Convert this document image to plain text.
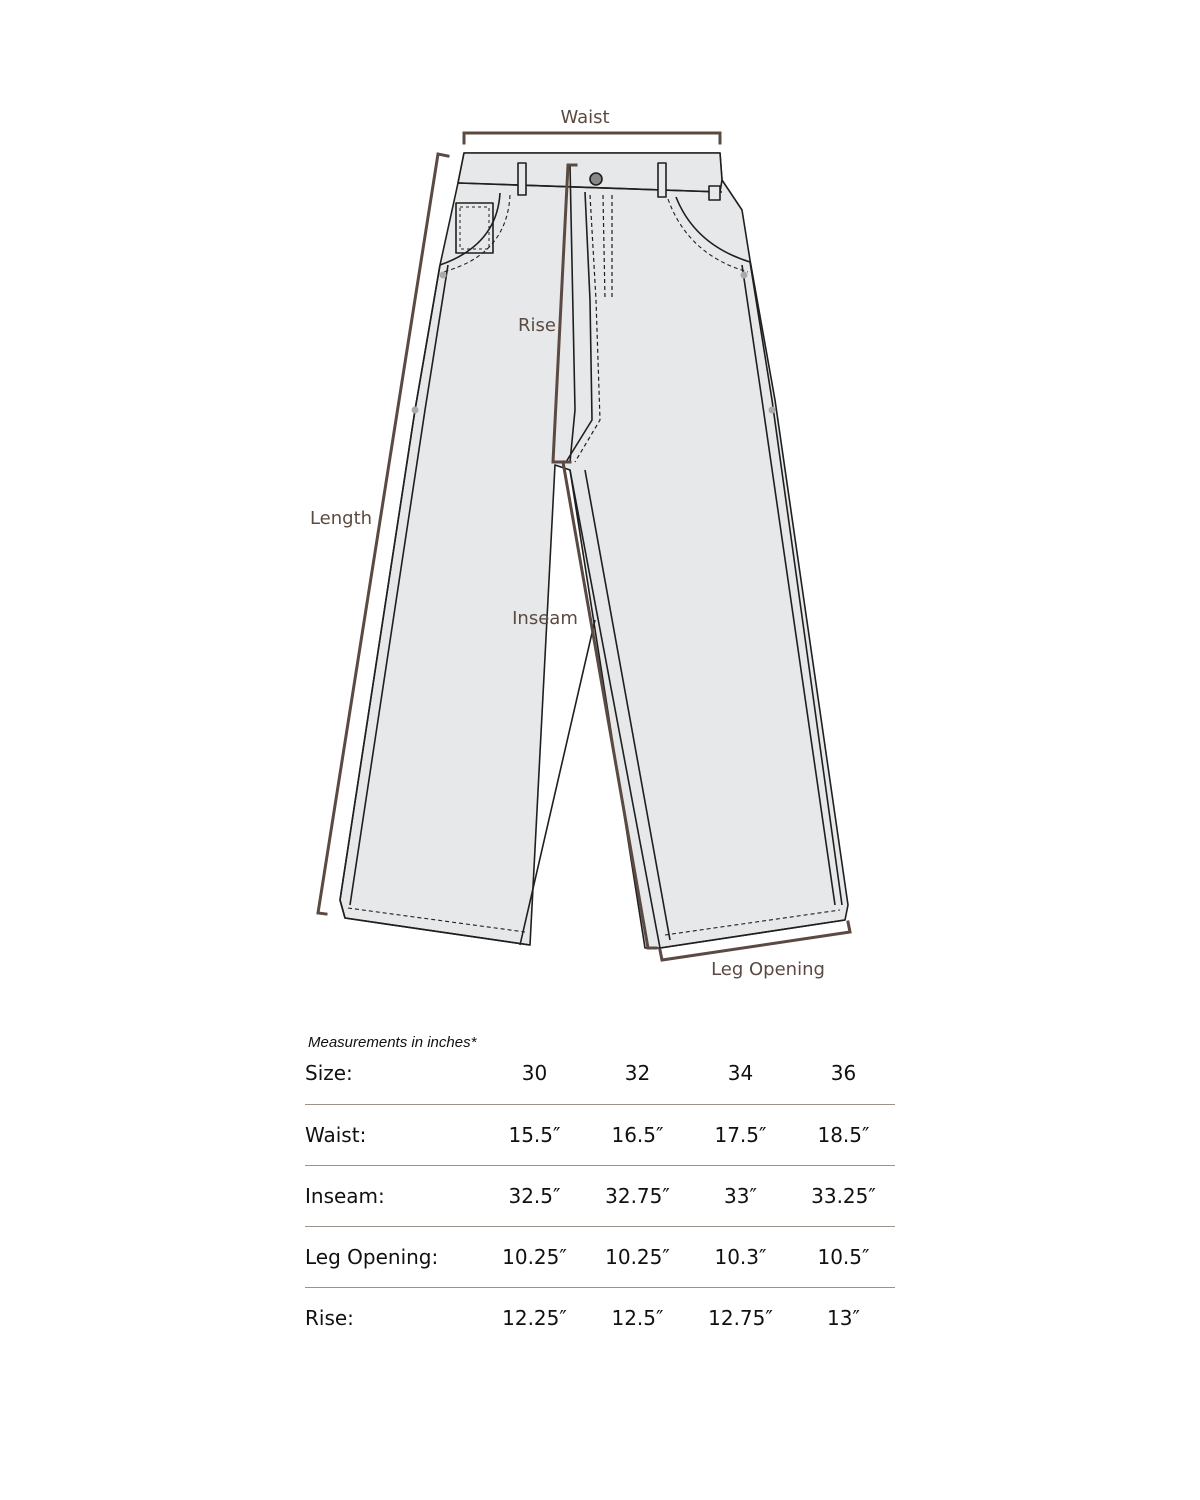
Waist
Rise
Length
Inseam
Leg Opening
Measurements in inches*
Size:	30	32	34	36
Waist:	15.5″	16.5″	17.5″	18.5″
Inseam:	32.5″	32.75″	33″	33.25″
Leg Opening:	10.25″	10.25″	10.3″	10.5″
Rise:	12.25″	12.5″	12.75″	13″
